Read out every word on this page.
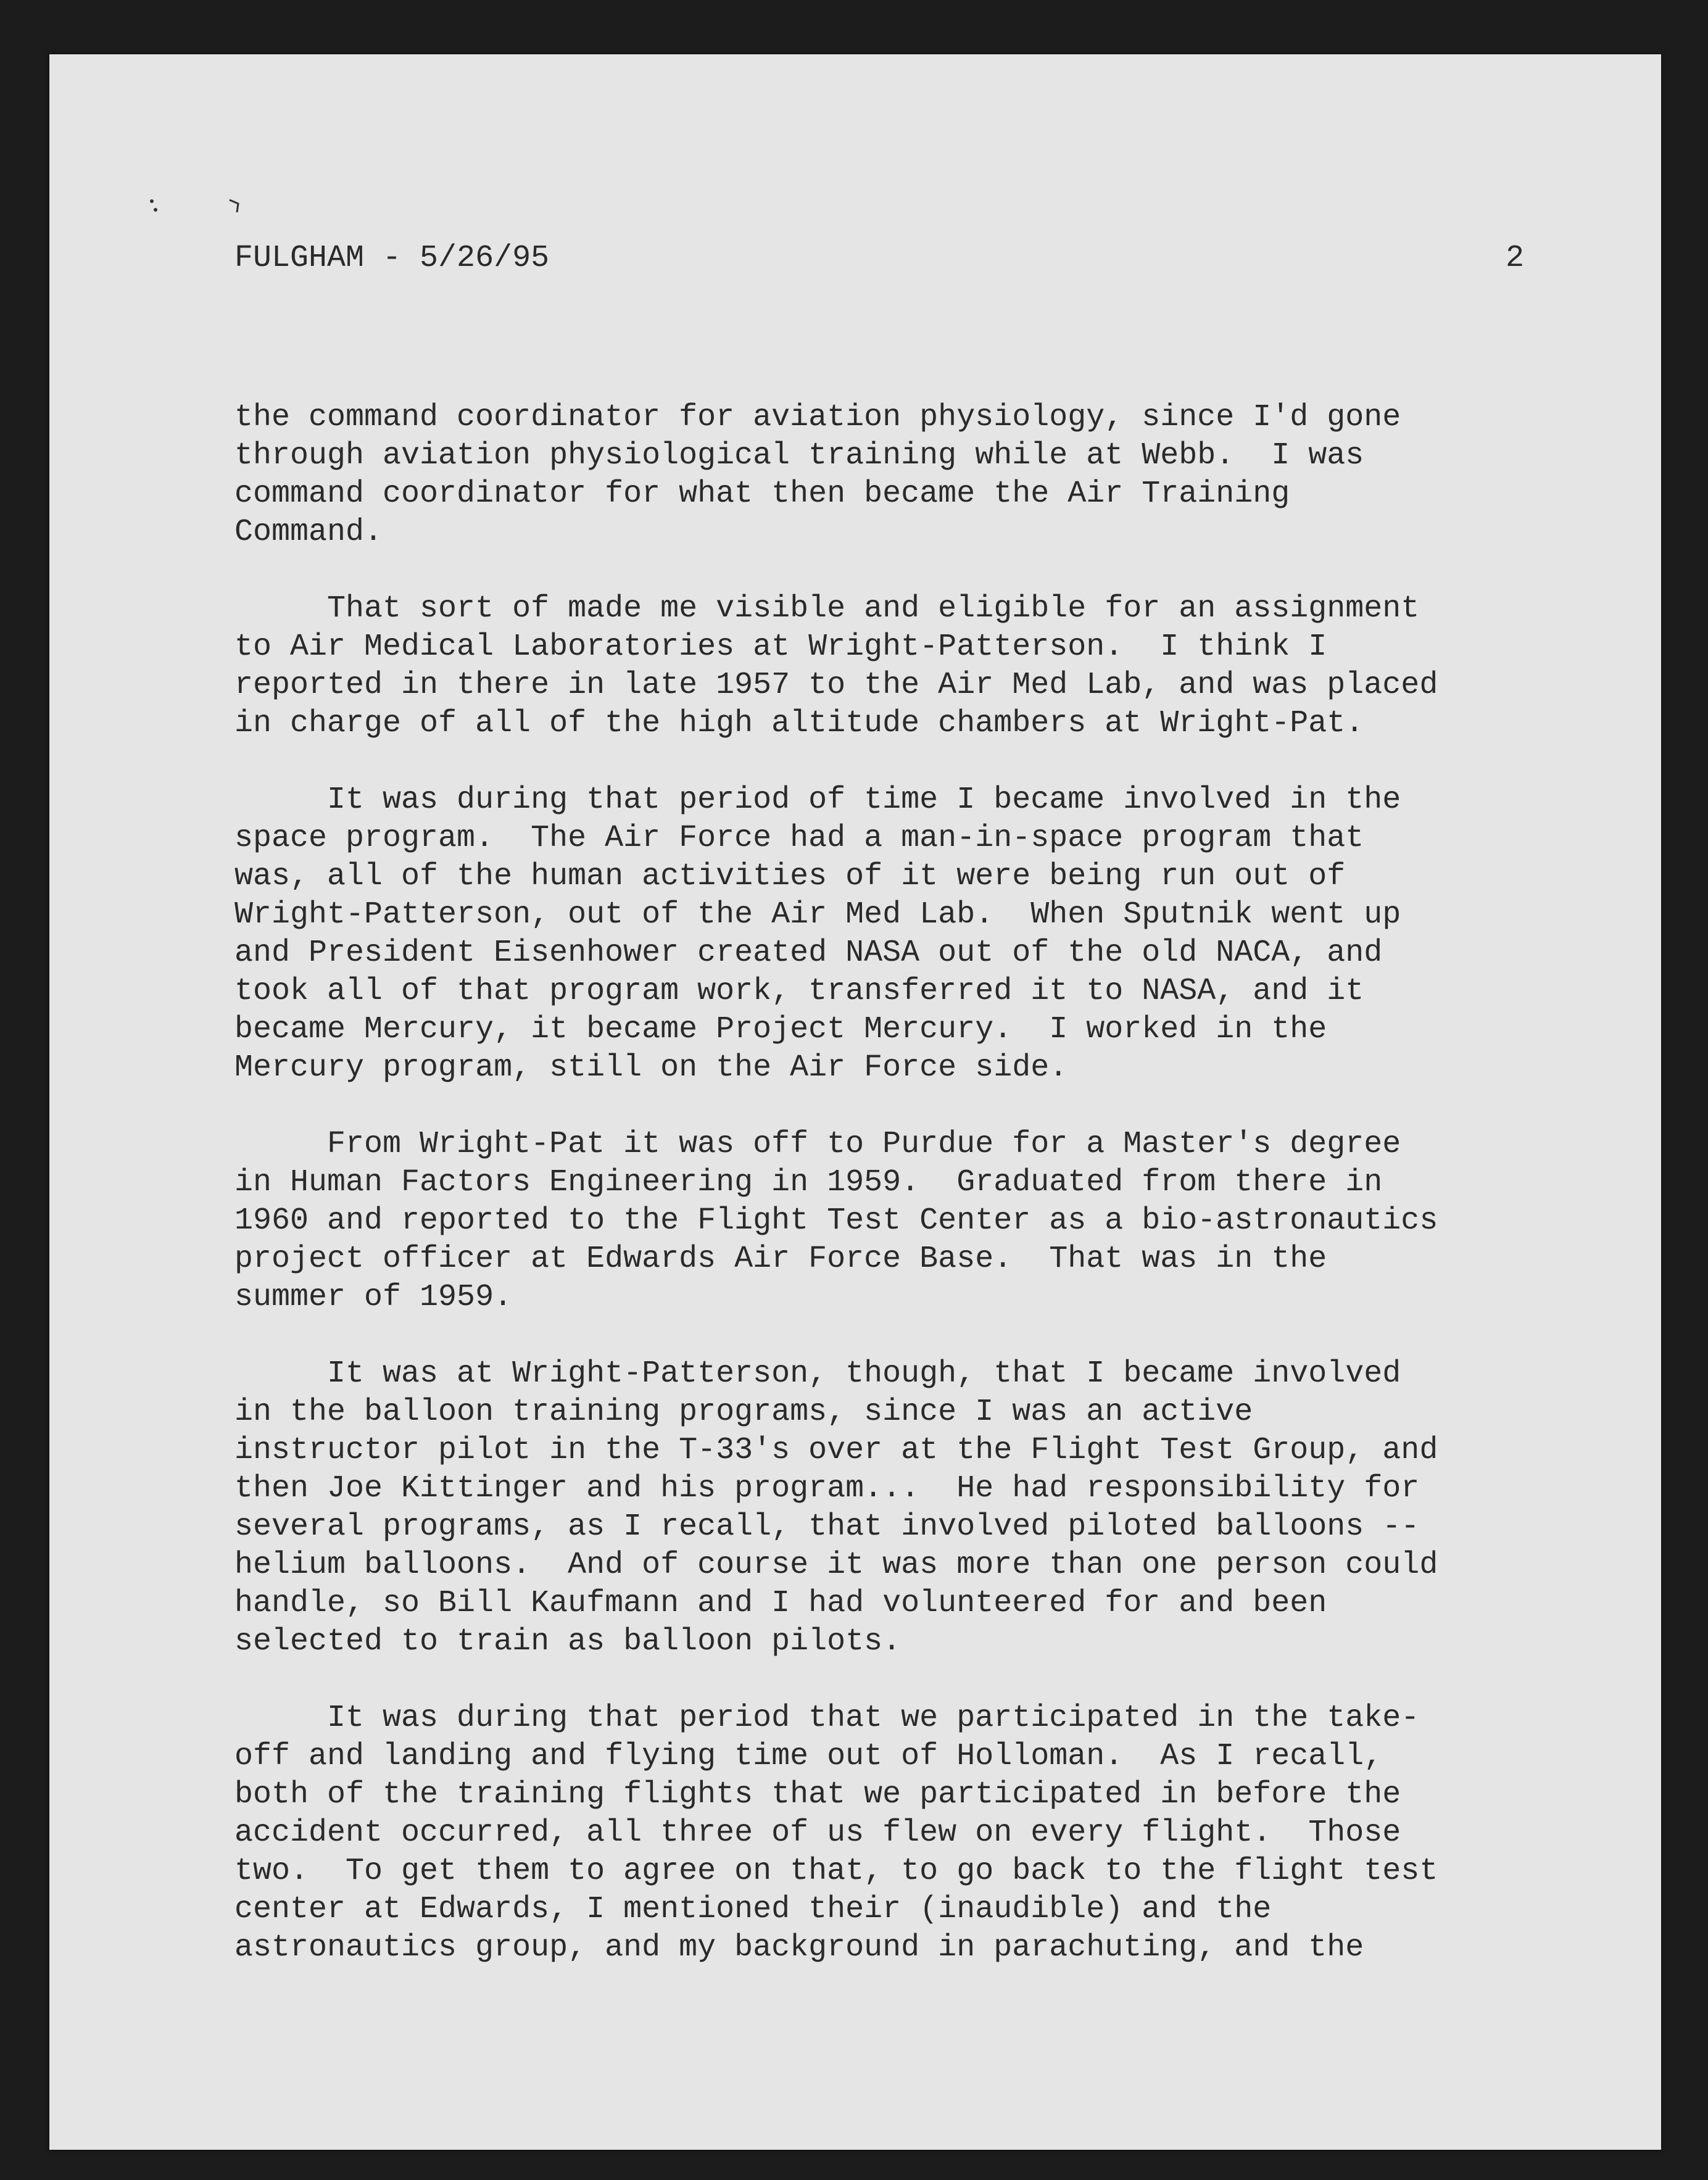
FULGHAM - 5/26/95	2
the command coordinator for aviation physiology, since I'd gone
through aviation physiological training while at Webb.  I was
command coordinator for what then became the Air Training
Command.
That sort of made me visible and eligible for an assignment
to Air Medical Laboratories at Wright-Patterson.  I think I
reported in there in late 1957 to the Air Med Lab, and was placed
in charge of all of the high altitude chambers at Wright-Pat.
It was during that period of time I became involved in the
space program.  The Air Force had a man-in-space program that
was, all of the human activities of it were being run out of
Wright-Patterson, out of the Air Med Lab.  When Sputnik went up
and President Eisenhower created NASA out of the old NACA, and
took all of that program work, transferred it to NASA, and it
became Mercury, it became Project Mercury.  I worked in the
Mercury program, still on the Air Force side.
From Wright-Pat it was off to Purdue for a Master's degree
in Human Factors Engineering in 1959.  Graduated from there in
1960 and reported to the Flight Test Center as a bio-astronautics
project officer at Edwards Air Force Base.  That was in the
summer of 1959.
It was at Wright-Patterson, though, that I became involved
in the balloon training programs, since I was an active
instructor pilot in the T-33's over at the Flight Test Group, and
then Joe Kittinger and his program...  He had responsibility for
several programs, as I recall, that involved piloted balloons --
helium balloons.  And of course it was more than one person could
handle, so Bill Kaufmann and I had volunteered for and been
selected to train as balloon pilots.
It was during that period that we participated in the take-
off and landing and flying time out of Holloman.  As I recall,
both of the training flights that we participated in before the
accident occurred, all three of us flew on every flight.  Those
two.  To get them to agree on that, to go back to the flight test
center at Edwards, I mentioned their (inaudible) and the
astronautics group, and my background in parachuting, and the
